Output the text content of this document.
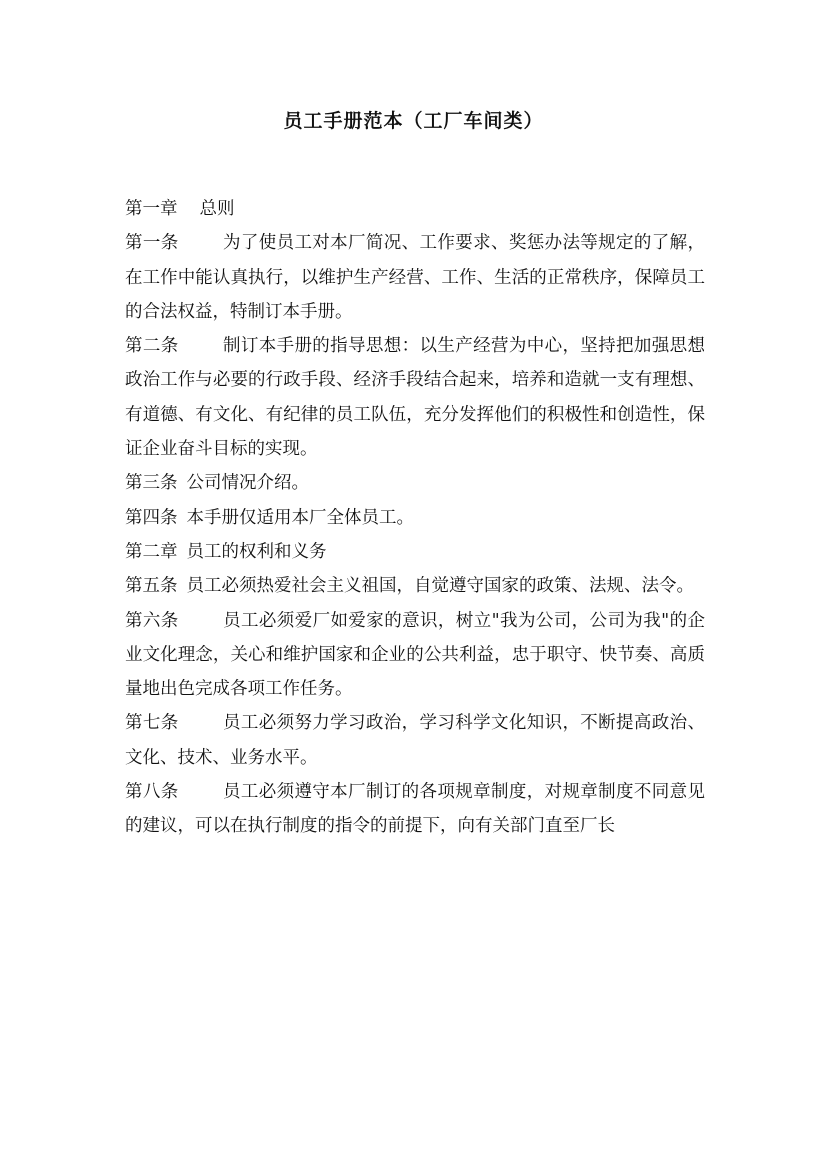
员工手册范本（工厂车间类）

第一章 总则

第一条	为了使员工对本厂简况、工作要求、奖惩办法等规定的了解，在工作中能认真执行，以维护生产经营、工作、生活的正常秩序，保障员工的合法权益，特制订本手册。

第二条	制订本手册的指导思想：以生产经营为中心，坚持把加强思想政治工作与必要的行政手段、经济手段结合起来，培养和造就一支有理想、有道德、有文化、有纪律的员工队伍，充分发挥他们的积极性和创造性，保证企业奋斗目标的实现。

第三条 公司情况介绍。

第四条 本手册仅适用本厂全体员工。

第二章 员工的权利和义务

第五条 员工必须热爱社会主义祖国，自觉遵守国家的政策、法规、法令。

第六条	员工必须爱厂如爱家的意识，树立"我为公司，公司为我"的企业文化理念，关心和维护国家和企业的公共利益，忠于职守、快节奏、高质量地出色完成各项工作任务。

第七条	员工必须努力学习政治，学习科学文化知识，不断提高政治、文化、技术、业务水平。

第八条	员工必须遵守本厂制订的各项规章制度，对规章制度不同意见的建议，可以在执行制度的指令的前提下，向有关部门直至厂长
